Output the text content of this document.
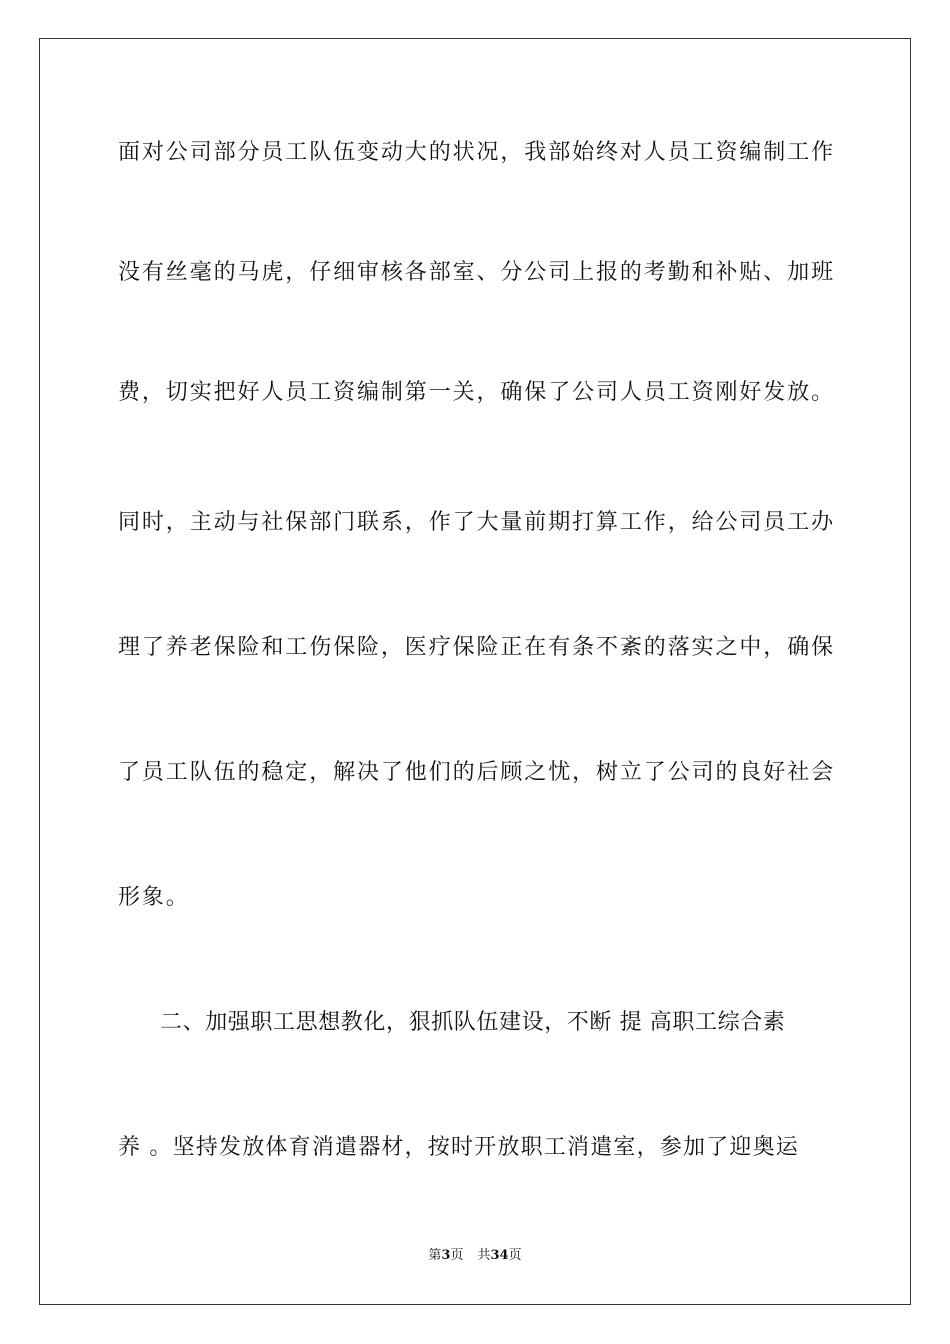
面对公司部分员工队伍变动大的状况，我部始终对人员工资编制工作
没有丝毫的马虎，仔细审核各部室、分公司上报的考勤和补贴、加班
费，切实把好人员工资编制第一关，确保了公司人员工资刚好发放。
同时，主动与社保部门联系，作了大量前期打算工作，给公司员工办
理了养老保险和工伤保险，医疗保险正在有条不紊的落实之中，确保
了员工队伍的稳定，解决了他们的后顾之忧，树立了公司的良好社会
形象。
二、加强职工思想教化，狠抓队伍建设，不断 提 高职工综合素
养 。坚持发放体育消遣器材，按时开放职工消遣室，参加了迎奥运
第3页 共34页
